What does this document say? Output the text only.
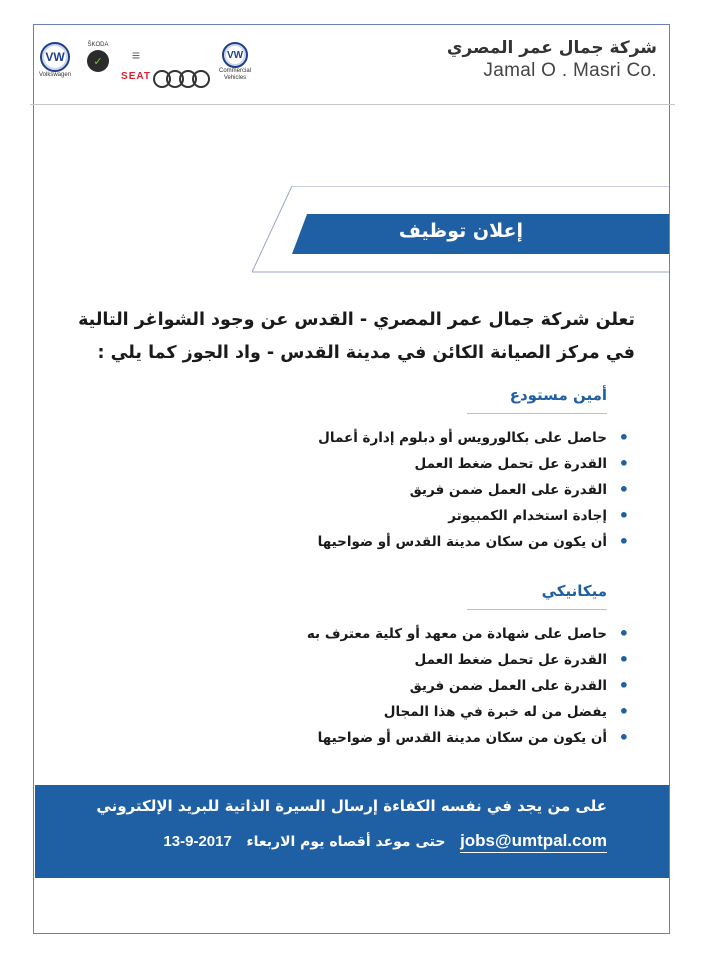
VW
Volkswagen
ŠKODA
✓	≡
SEAT
VW
Commercial Vehicles
شركة جمال عمر المصري
Jamal O . Masri Co.
إعلان توظيف
تعلن شركة جمال عمر المصري - القدس عن وجود الشواغر التالية
في مركز الصيانة الكائن في مدينة القدس - واد الجوز كما يلي :
أمين مستودع
•
حاصل على بكالورويس أو دبلوم إدارة أعمال
•
القدرة عل تحمل ضغط العمل
•
القدرة على العمل ضمن فريق
•
إجادة استخدام الكمبيوتر
•
أن يكون من سكان مدينة القدس أو ضواحيها
ميكانيكي
•
حاصل على شهادة من معهد أو كلية معترف به
•
القدرة عل تحمل ضغط العمل
•
القدرة على العمل ضمن فريق
•
يفضل من له خبرة في هذا المجال
•
أن يكون من سكان مدينة القدس أو ضواحيها
على من يجد في نفسه الكفاءة إرسال السيرة الذاتية للبريد الإلكتروني
jobs@umtpal.com   حتى موعد أقصاه يوم الاربعاء   13-9-2017
